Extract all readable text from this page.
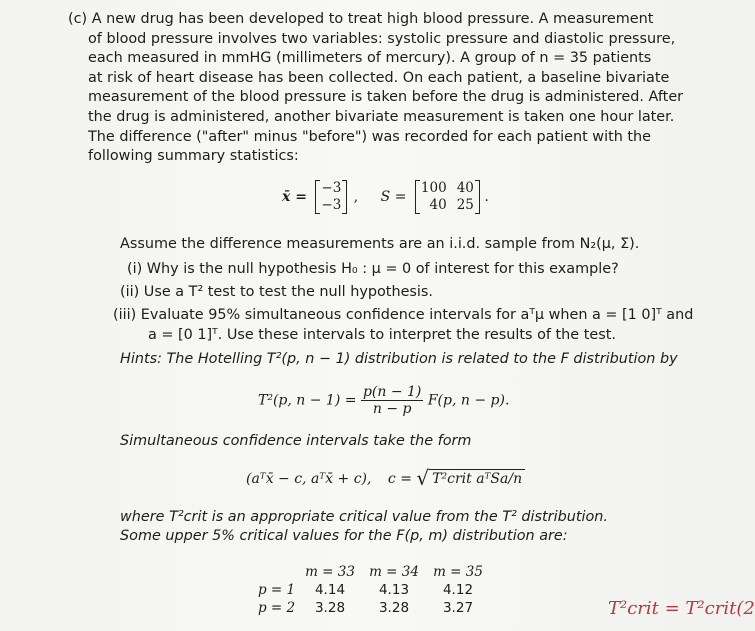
(c) A new drug has been developed to treat high blood pressure. A measurement
of blood pressure involves two variables: systolic pressure and diastolic pressure,
each measured in mmHG (millimeters of mercury). A group of n = 35 patients
at risk of heart disease has been collected. On each patient, a baseline bivariate
measurement of the blood pressure is taken before the drug is administered. After
the drug is administered, another bivariate measurement is taken one hour later.
The difference ("after" minus "before") was recorded for each patient with the
following summary statistics:
x̄ =
−3
−3 , S =
100 40
40 25 .
Assume the difference measurements are an i.i.d. sample from N₂(μ, Σ).
(i) Why is the null hypothesis H₀ : μ = 0 of interest for this example?
(ii) Use a T² test to test the null hypothesis.
(iii) Evaluate 95% simultaneous confidence intervals for aᵀμ when a = [1 0]ᵀ and
a = [0 1]ᵀ. Use these intervals to interpret the results of the test.
Hints: The Hotelling T²(p, n − 1) distribution is related to the F distribution by
T²(p, $n - 1) = \frac{p(n - 1)}{n - p} F(p$, n − p).
Simultaneous confidence intervals take the form
(aᵀx̄ − c, aᵀx̄ + c), c = √ T²crit aᵀSa/n
where T²crit is an appropriate critical value from the T² distribution.
Some upper 5% critical values for the F(p, m) distribution are:
	m = 33	m = 34	m = 35
p = 1	4.14	4.13	4.12
p = 2	3.28	3.28	3.27	T²crit = T²crit(2
